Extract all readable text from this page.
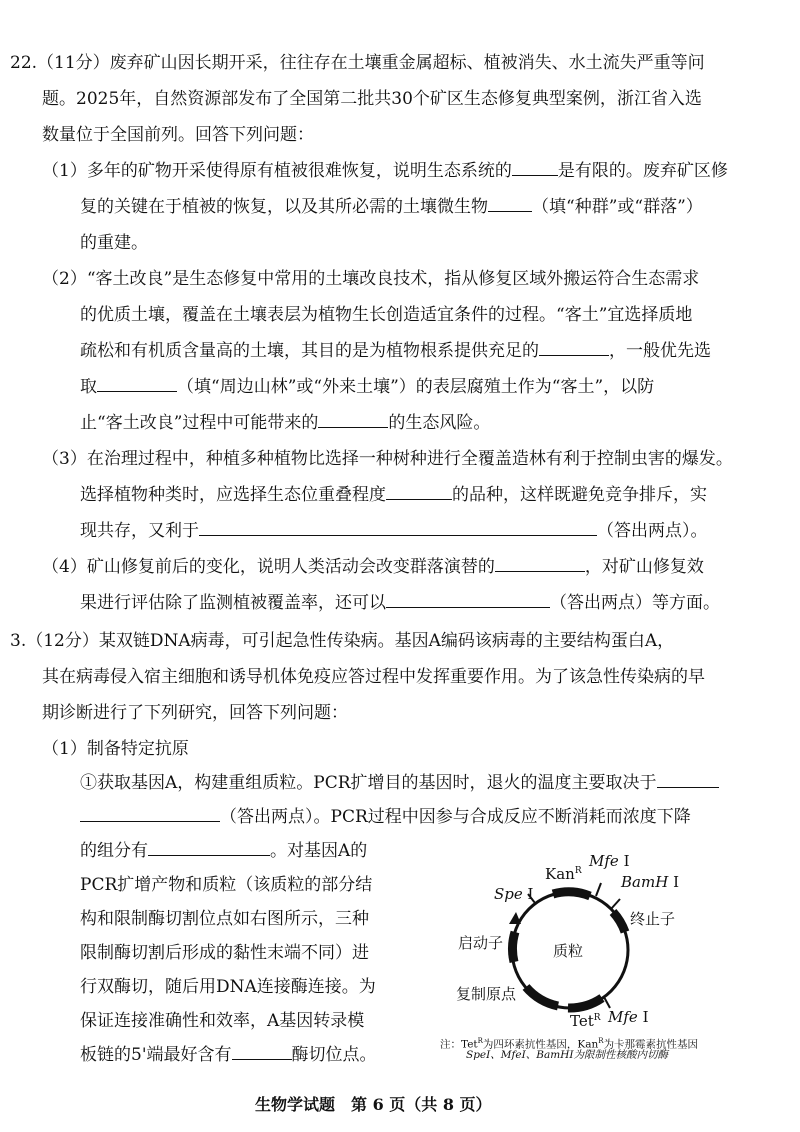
22.（11分）废弃矿山因长期开采，往往存在土壤重金属超标、植被消失、水土流失严重等问
题。2025年，自然资源部发布了全国第二批共30个矿区生态修复典型案例，浙江省入选
数量位于全国前列。回答下列问题：
（1）多年的矿物开采使得原有植被很难恢复，说明生态系统的	是有限的。废弃矿区修
复的关键在于植被的恢复，以及其所必需的土壤微生物	（填“种群”或“群落”）
的重建。
（2）“客土改良”是生态修复中常用的土壤改良技术，指从修复区域外搬运符合生态需求
的优质土壤，覆盖在土壤表层为植物生长创造适宜条件的过程。“客土”宜选择质地
疏松和有机质含量高的土壤，其目的是为植物根系提供充足的	，一般优先选
取	（填“周边山林”或“外来土壤”）的表层腐殖土作为“客土”，以防
止“客土改良”过程中可能带来的	的生态风险。
（3）在治理过程中，种植多种植物比选择一种树种进行全覆盖造林有利于控制虫害的爆发。
选择植物种类时，应选择生态位重叠程度	的品种，这样既避免竞争排斥，实
现共存，又利于	（答出两点）。
（4）矿山修复前后的变化，说明人类活动会改变群落演替的	，对矿山修复效
果进行评估除了监测植被覆盖率，还可以	（答出两点）等方面。
3.（12分）某双链DNA病毒，可引起急性传染病。基因A编码该病毒的主要结构蛋白A，
其在病毒侵入宿主细胞和诱导机体免疫应答过程中发挥重要作用。为了该急性传染病的早
期诊断进行了下列研究，回答下列问题：
（1）制备特定抗原
①获取基因A，构建重组质粒。PCR扩增目的基因时，退火的温度主要取决于
（答出两点）。PCR过程中因参与合成反应不断消耗而浓度下降
的组分有	。对基因A的
PCR扩增产物和质粒（该质粒的部分结
构和限制酶切割位点如右图所示，三种
限制酶切割后形成的黏性末端不同）进
行双酶切，随后用DNA连接酶连接。为
保证连接准确性和效率，A基因转录模
板链的5'端最好含有	酶切位点。
Kan$^R$
Mfe I
BamH I
Spe I
终止子
启动子	质粒
复制原点
Tet$^R$ Mfe I
注：Tet$^R$为四环素抗性基因，Kan$^R$为卡那霉素抗性基因
SpeⅠ、MfeⅠ、BamHⅠ为限制性核酸内切酶
生物学试题　第 6 页（共 8 页）
